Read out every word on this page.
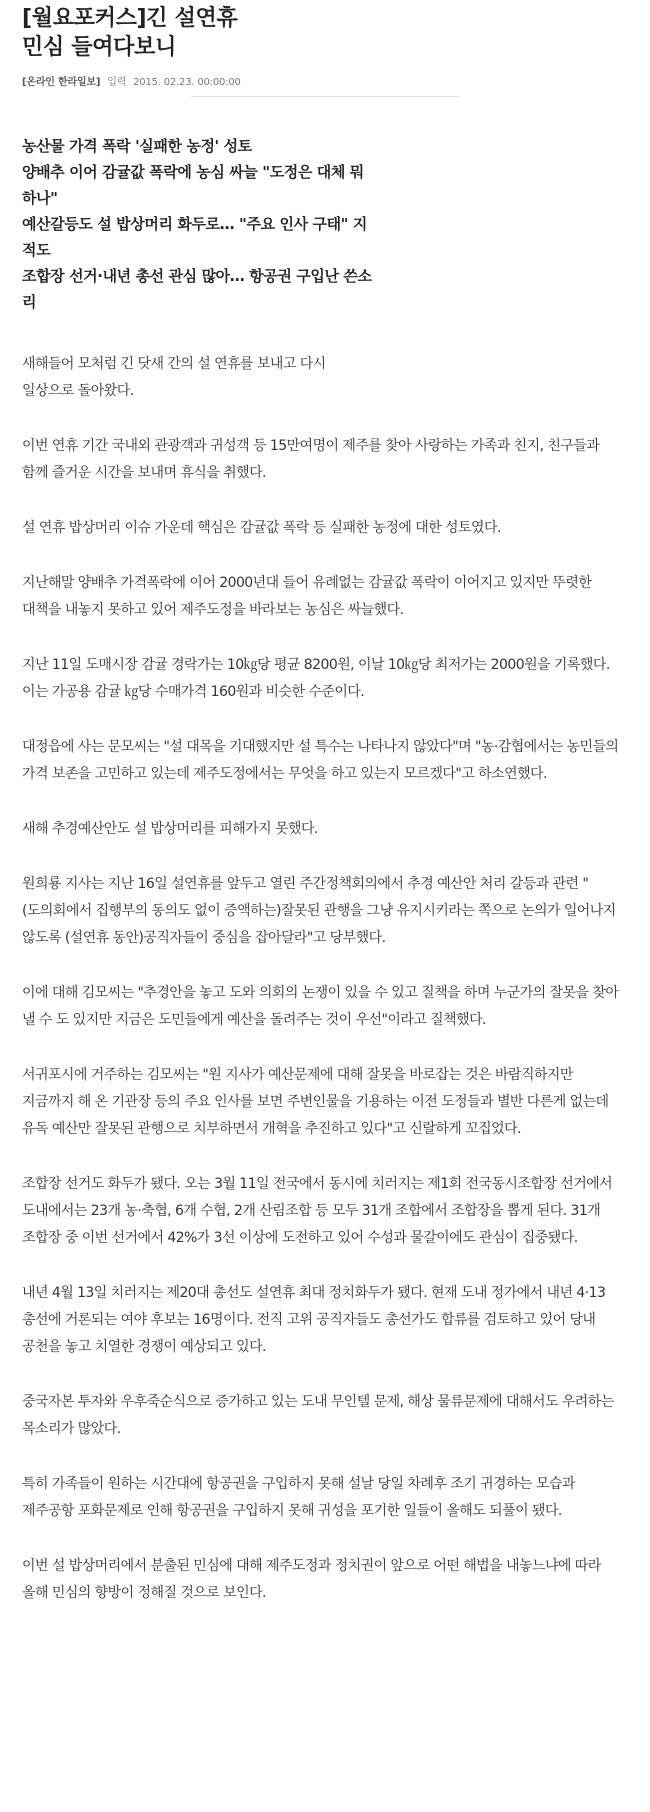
[월요포커스]긴 설연휴
민심 들여다보니
[온라인 한라일보] 입력 2015. 02.23. 00:00:00
농산물 가격 폭락 '실패한 농정' 성토
양배추 이어 감귤값 폭락에 농심 싸늘 "도정은 대체 뭐하나"
예산갈등도 설 밥상머리 화두로… "주요 인사 구태" 지적도
조합장 선거·내년 총선 관심 많아… 항공권 구입난 쓴소리

새해들어 모처럼 긴 닷새 간의 설 연휴를 보내고 다시 일상으로 돌아왔다.

이번 연휴 기간 국내외 관광객과 귀성객 등 15만여명이 제주를 찾아 사랑하는 가족과 친지, 친구들과 함께 즐거운 시간을 보내며 휴식을 취했다.

설 연휴 밥상머리 이슈 가운데 핵심은 감귤값 폭락 등 실패한 농정에 대한 성토였다.

지난해말 양배추 가격폭락에 이어 2000년대 들어 유례없는 감귤값 폭락이 이어지고 있지만 뚜렷한 대책을 내놓지 못하고 있어 제주도정을 바라보는 농심은 싸늘했다.

지난 11일 도매시장 감귤 경락가는 10㎏당 평균 8200원, 이날 10㎏당 최저가는 2000원을 기록했다. 이는 가공용 감귤 ㎏당 수매가격 160원과 비슷한 수준이다.

대정읍에 사는 문모씨는 "설 대목을 기대했지만 설 특수는 나타나지 않았다"며 "농·감협에서는 농민들의 가격 보존을 고민하고 있는데 제주도정에서는 무엇을 하고 있는지 모르겠다"고 하소연했다.

새해 추경예산안도 설 밥상머리를 피해가지 못했다.

원희룡 지사는 지난 16일 설연휴를 앞두고 열린 주간정책회의에서 추경 예산안 처리 갈등과 관련 "(도의회에서 집행부의 동의도 없이 증액하는)잘못된 관행을 그냥 유지시키라는 쪽으로 논의가 일어나지 않도록 (설연휴 동안)공직자들이 중심을 잡아달라"고 당부했다.

이에 대해 김모씨는 "추경안을 놓고 도와 의회의 논쟁이 있을 수 있고 질책을 하며 누군가의 잘못을 찾아 낼 수 도 있지만 지금은 도민들에게 예산을 돌려주는 것이 우선"이라고 질책했다.

서귀포시에 거주하는 김모씨는 "원 지사가 예산문제에 대해 잘못을 바로잡는 것은 바람직하지만 지금까지 해 온 기관장 등의 주요 인사를 보면 주변인물을 기용하는 이전 도정들과 별반 다른게 없는데 유독 예산만 잘못된 관행으로 치부하면서 개혁을 추진하고 있다"고 신랄하게 꼬집었다.

조합장 선거도 화두가 됐다. 오는 3월 11일 전국에서 동시에 치러지는 제1회 전국동시조합장 선거에서 도내에서는 23개 농·축협, 6개 수협, 2개 산림조합 등 모두 31개 조합에서 조합장을 뽑게 된다. 31개 조합장 중 이번 선거에서 42%가 3선 이상에 도전하고 있어 수성과 물갈이에도 관심이 집중됐다.

내년 4월 13일 치러지는 제20대 총선도 설연휴 최대 정치화두가 됐다. 현재 도내 정가에서 내년 4·13 총선에 거론되는 여야 후보는 16명이다. 전직 고위 공직자들도 총선가도 합류를 검토하고 있어 당내 공천을 놓고 치열한 경쟁이 예상되고 있다.

중국자본 투자와 우후죽순식으로 증가하고 있는 도내 무인텔 문제, 해상 물류문제에 대해서도 우려하는 목소리가 많았다.

특히 가족들이 원하는 시간대에 항공권을 구입하지 못해 설날 당일 차례후 조기 귀경하는 모습과 제주공항 포화문제로 인해 항공권을 구입하지 못해 귀성을 포기한 일들이 올해도 되풀이 됐다.

이번 설 밥상머리에서 분출된 민심에 대해 제주도정과 정치권이 앞으로 어떤 해법을 내놓느냐에 따라 올해 민심의 향방이 정해질 것으로 보인다.
